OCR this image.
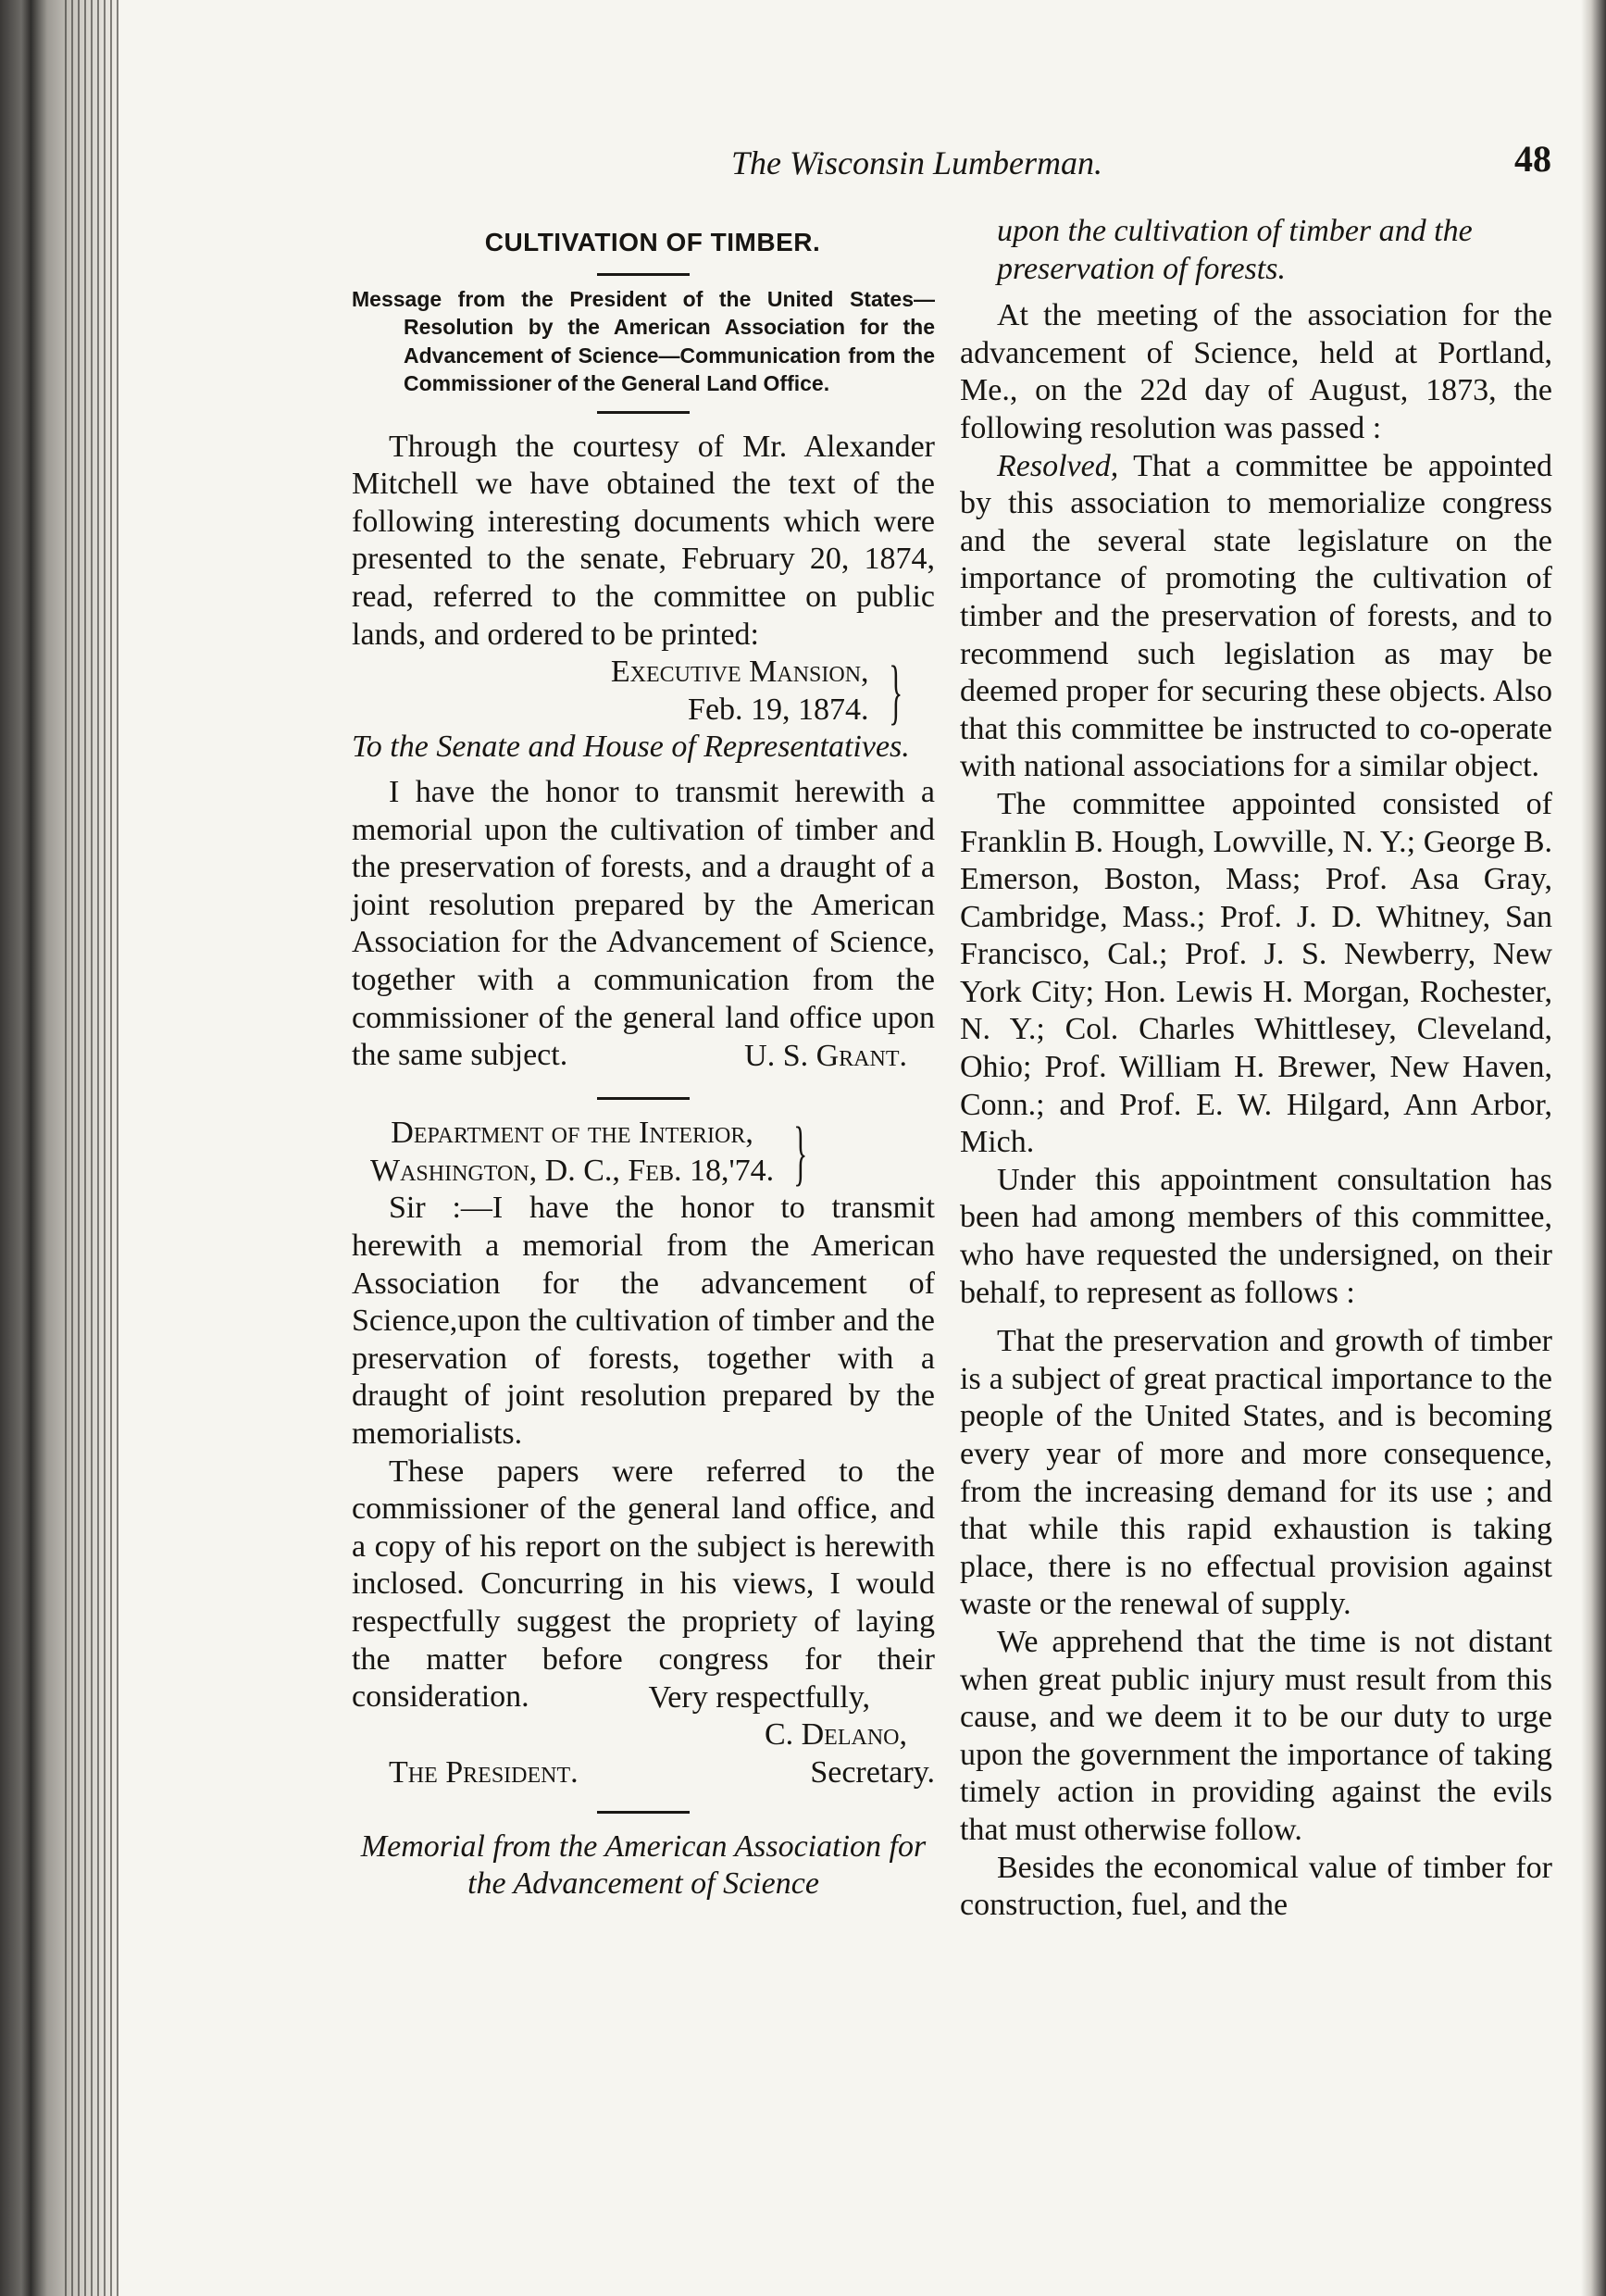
The Wisconsin Lumberman.	48
CULTIVATION OF TIMBER.
Message from the President of the United States—Resolution by the American Association for the Advancement of Science—Communication from the Commissioner of the General Land Office.

Through the courtesy of Mr. Alexander Mitchell we have obtained the text of the following interesting documents which were presented to the senate, February 20, 1874, read, referred to the committee on public lands, and ordered to be printed:

Executive Mansion,
Feb. 19, 1874. }

To the Senate and House of Representatives.

I have the honor to transmit herewith a memorial upon the cultivation of timber and the preservation of forests, and a draught of a joint resolution prepared by the American Association for the Advancement of Science, together with a communication from the commissioner of the general land office upon the same subject.	U. S. Grant.
Department of the Interior,
Washington, D. C., Feb. 18,'74. }

Sir :—I have the honor to transmit herewith a memorial from the American Association for the advancement of Science,upon the cultivation of timber and the preservation of forests, together with a draught of joint resolution prepared by the memorialists.

These papers were referred to the commissioner of the general land office, and a copy of his report on the subject is herewith inclosed. Concurring in his views, I would respectfully suggest the propriety of laying the matter before congress for their consideration.	Very respectfully,
C. Delano,
The President.	Secretary.
Memorial from the American Association for the Advancement of Science

upon the cultivation of timber and the preservation of forests.

At the meeting of the association for the advancement of Science, held at Portland, Me., on the 22d day of August, 1873, the following resolution was passed :

Resolved, That a committee be appointed by this association to memorialize congress and the several state legislature on the importance of promoting the cultivation of timber and the preservation of forests, and to recommend such legislation as may be deemed proper for securing these objects. Also that this committee be instructed to co-operate with national associations for a similar object.

The committee appointed consisted of Franklin B. Hough, Lowville, N. Y.; George B. Emerson, Boston, Mass; Prof. Asa Gray, Cambridge, Mass.; Prof. J. D. Whitney, San Francisco, Cal.; Prof. J. S. Newberry, New York City; Hon. Lewis H. Morgan, Rochester, N. Y.; Col. Charles Whittlesey, Cleveland, Ohio; Prof. William H. Brewer, New Haven, Conn.; and Prof. E. W. Hilgard, Ann Arbor, Mich.

Under this appointment consultation has been had among members of this committee, who have requested the undersigned, on their behalf, to represent as follows :

That the preservation and growth of timber is a subject of great practical importance to the people of the United States, and is becoming every year of more and more consequence, from the increasing demand for its use ; and that while this rapid exhaustion is taking place, there is no effectual provision against waste or the renewal of supply.

We apprehend that the time is not distant when great public injury must result from this cause, and we deem it to be our duty to urge upon the government the importance of taking timely action in providing against the evils that must otherwise follow.

Besides the economical value of timber for construction, fuel, and the
